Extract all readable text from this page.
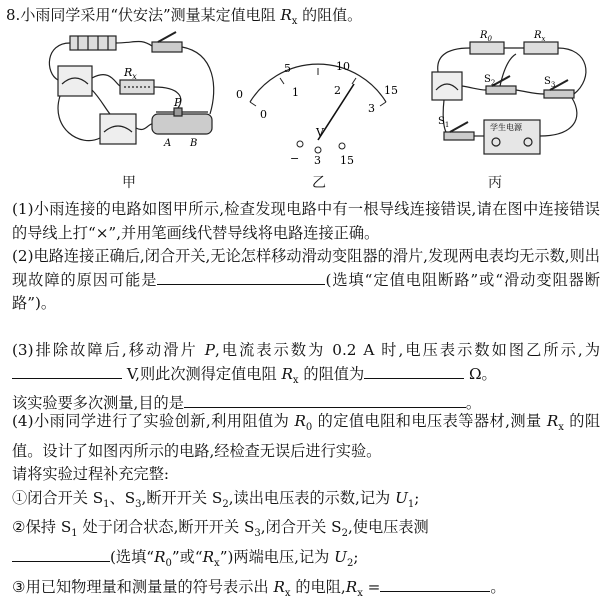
8.小雨同学采用“伏安法”测量某定值电阻 $R_x$ 的阻值。
$R_x$
P
A B
甲
0
5	10
15
0
1	2
3
V
− 3 15
乙
$R_0$	$R_x$
$S_2$	$S_3$
$S_1$	学生电源
丙
(1)小雨连接的电路如图甲所示,检查发现电路中有一根导线连接错误,请在图中连接错误的导线上打“×”,并用笔画线代替导线将电路连接正确。
(2)电路连接正确后,闭合开关,无论怎样移动滑动变阻器的滑片,发现两电表均无示数,则出现故障的原因可能是	(选填“定值电阻断路”或“滑动变阻器断路”)。
(3)排除故障后,移动滑片 P,电流表示数为 0.2 A 时,电压表示数如图乙所示,为 V,则此次测得定值电阻 $R_x$ 的阻值为	Ω。
该实验要多次测量,目的是	。
(4)小雨同学进行了实验创新,利用阻值为 $R_0$ 的定值电阻和电压表等器材,测量 $R_x$ 的阻值。设计了如图丙所示的电路,经检查无误后进行实验。
请将实验过程补充完整:
①闭合开关 $S_1$、$S_3$,断开开关 $S_2$,读出电压表的示数,记为 $U_1$;
②保持 $S_1$ 处于闭合状态,断开开关 $S_3$,闭合开关 $S_2$,使电压表测
(选填“$R_0$”或“$R_x$”)两端电压,记为 $U_2$;
③用已知物理量和测量量的符号表示出 $R_x$ 的电阻$,R_x$ =	。
